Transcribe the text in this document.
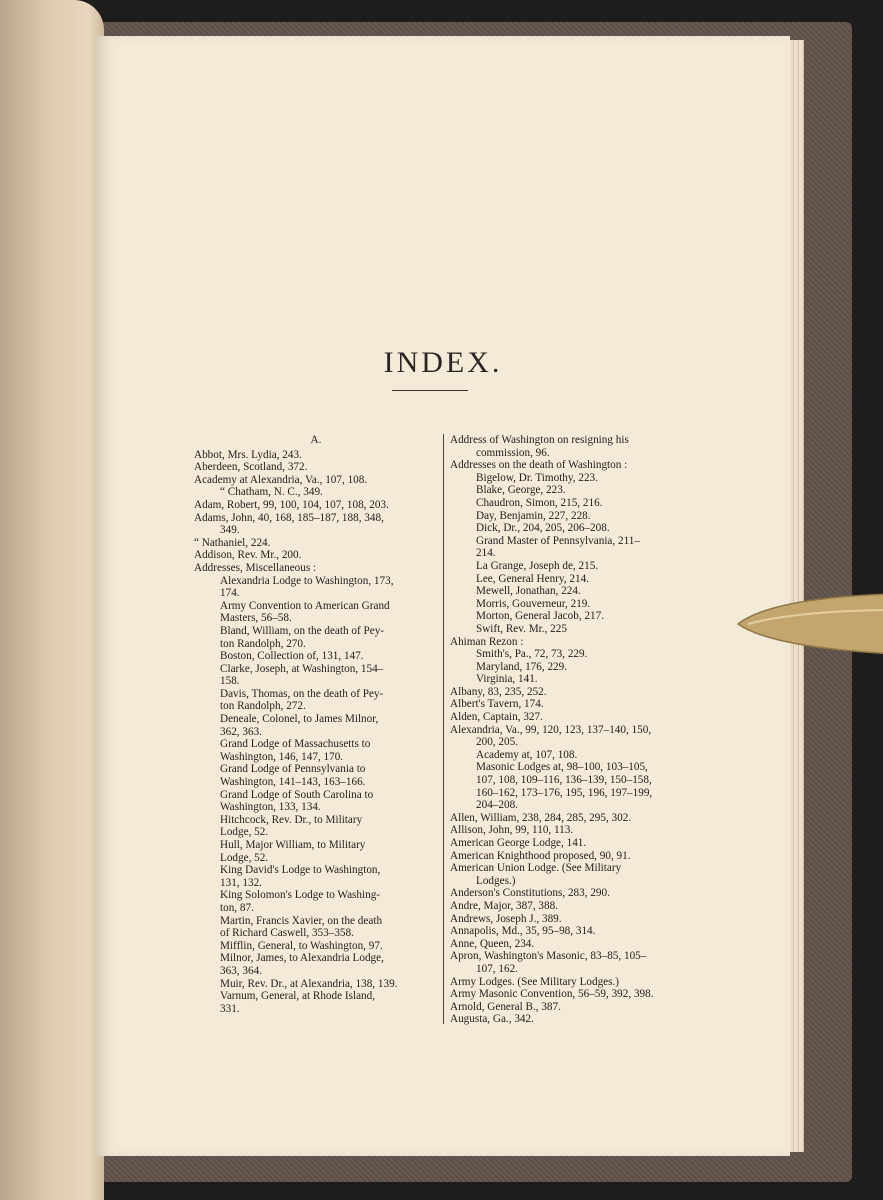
INDEX.
A.
Abbot, Mrs. Lydia, 243.
Aberdeen, Scotland, 372.
Academy at Alexandria, Va., 107, 108.
“ Chatham, N. C., 349.
Adam, Robert, 99, 100, 104, 107, 108, 203.
Adams, John, 40, 168, 185–187, 188, 348,
349.
“ Nathaniel, 224.
Addison, Rev. Mr., 200.
Addresses, Miscellaneous :
Alexandria Lodge to Washington, 173,
174.
Army Convention to American Grand
Masters, 56–58.
Bland, William, on the death of Pey-
ton Randolph, 270.
Boston, Collection of, 131, 147.
Clarke, Joseph, at Washington, 154–
158.
Davis, Thomas, on the death of Pey-
ton Randolph, 272.
Deneale, Colonel, to James Milnor,
362, 363.
Grand Lodge of Massachusetts to
Washington, 146, 147, 170.
Grand Lodge of Pennsylvania to
Washington, 141–143, 163–166.
Grand Lodge of South Carolina to
Washington, 133, 134.
Hitchcock, Rev. Dr., to Military
Lodge, 52.
Hull, Major William, to Military
Lodge, 52.
King David's Lodge to Washington,
131, 132.
King Solomon's Lodge to Washing-
ton, 87.
Martin, Francis Xavier, on the death
of Richard Caswell, 353–358.
Mifflin, General, to Washington, 97.
Milnor, James, to Alexandria Lodge,
363, 364.
Muir, Rev. Dr., at Alexandria, 138, 139.
Varnum, General, at Rhode Island,
331.
Address of Washington on resigning his
commission, 96.
Addresses on the death of Washington :
Bigelow, Dr. Timothy, 223.
Blake, George, 223.
Chaudron, Simon, 215, 216.
Day, Benjamin, 227, 228.
Dick, Dr., 204, 205, 206–208.
Grand Master of Pennsylvania, 211–
214.
La Grange, Joseph de, 215.
Lee, General Henry, 214.
Mewell, Jonathan, 224.
Morris, Gouverneur, 219.
Morton, General Jacob, 217.
Swift, Rev. Mr., 225
Ahiman Rezon :
Smith's, Pa., 72, 73, 229.
Maryland, 176, 229.
Virginia, 141.
Albany, 83, 235, 252.
Albert's Tavern, 174.
Alden, Captain, 327.
Alexandria, Va., 99, 120, 123, 137–140, 150,
200, 205.
Academy at, 107, 108.
Masonic Lodges at, 98–100, 103–105,
107, 108, 109–116, 136–139, 150–158,
160–162, 173–176, 195, 196, 197–199,
204–208.
Allen, William, 238, 284, 285, 295, 302.
Allison, John, 99, 110, 113.
American George Lodge, 141.
American Knighthood proposed, 90, 91.
American Union Lodge. (See Military
Lodges.)
Anderson's Constitutions, 283, 290.
Andre, Major, 387, 388.
Andrews, Joseph J., 389.
Annapolis, Md., 35, 95–98, 314.
Anne, Queen, 234.
Apron, Washington's Masonic, 83–85, 105–
107, 162.
Army Lodges. (See Military Lodges.)
Army Masonic Convention, 56–59, 392, 398.
Arnold, General B., 387.
Augusta, Ga., 342.
